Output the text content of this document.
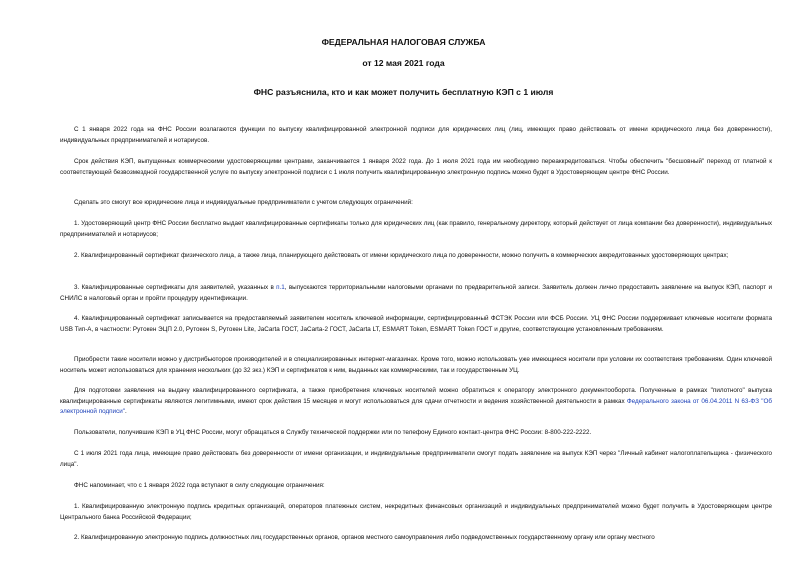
ФЕДЕРАЛЬНАЯ НАЛОГОВАЯ СЛУЖБА
от 12 мая 2021 года
ФНС разъяснила, кто и как может получить бесплатную КЭП с 1 июля

С 1 января 2022 года на ФНС России возлагаются функции по выпуску квалифицированной электронной подписи для юридических лиц (лиц, имеющих право действовать от имени юридического лица без доверенности), индивидуальных предпринимателей и нотариусов.

Срок действия КЭП, выпущенных коммерческими удостоверяющими центрами, заканчивается 1 января 2022 года. До 1 июля 2021 года им необходимо переаккредитоваться. Чтобы обеспечить "бесшовный" переход от платной к соответствующей безвозмездной государственной услуге по выпуску электронной подписи с 1 июля получить квалифицированную электронную подпись можно будет в Удостоверяющем центре ФНС России.

Сделать это смогут все юридические лица и индивидуальные предприниматели с учетом следующих ограничений:

1. Удостоверяющий центр ФНС России бесплатно выдает квалифицированные сертификаты только для юридических лиц (как правило, генеральному директору, который действует от лица компании без доверенности), индивидуальных предпринимателей и нотариусов;

2. Квалифицированный сертификат физического лица, а также лица, планирующего действовать от имени юридического лица по доверенности, можно получить в коммерческих аккредитованных удостоверяющих центрах;

3. Квалифицированные сертификаты для заявителей, указанных в п.1, выпускаются территориальными налоговыми органами по предварительной записи. Заявитель должен лично предоставить заявление на выпуск КЭП, паспорт и СНИЛС в налоговый орган и пройти процедуру идентификации.

4. Квалифицированный сертификат записывается на предоставляемый заявителем носитель ключевой информации, сертифицированный ФСТЭК России или ФСБ России. УЦ ФНС России поддерживает ключевые носители формата USB Тип-А, в частности: Рутокен ЭЦП 2.0, Рутокен S, Рутокен Lite, JaCarta ГОСТ, JaCarta-2 ГОСТ, JaCarta LT, ESMART Token, ESMART Token ГОСТ и другие, соответствующие установленным требованиям.

Приобрести такие носители можно у дистрибьюторов производителей и в специализированных интернет-магазинах. Кроме того, можно использовать уже имеющиеся носители при условии их соответствия требованиям. Один ключевой носитель может использоваться для хранения нескольких (до 32 экз.) КЭП и сертификатов к ним, выданных как коммерческими, так и государственным УЦ.

Для подготовки заявления на выдачу квалифицированного сертификата, а также приобретения ключевых носителей можно обратиться к оператору электронного документооборота. Полученные в рамках "пилотного" выпуска квалифицированные сертификаты являются легитимными, имеют срок действия 15 месяцев и могут использоваться для сдачи отчетности и ведения хозяйственной деятельности в рамках Федерального закона от 06.04.2011 N 63-ФЗ "Об электронной подписи".

Пользователи, получившие КЭП в УЦ ФНС России, могут обращаться в Службу технической поддержки или по телефону Единого контакт-центра ФНС России: 8-800-222-2222.

С 1 июля 2021 года лица, имеющие право действовать без доверенности от имени организации, и индивидуальные предприниматели смогут подать заявление на выпуск КЭП через "Личный кабинет налогоплательщика - физического лица".

ФНС напоминает, что с 1 января 2022 года вступают в силу следующие ограничения:

1. Квалифицированную электронную подпись кредитных организаций, операторов платежных систем, некредитных финансовых организаций и индивидуальных предпринимателей можно будет получить в Удостоверяющем центре Центрального банка Российской Федерации;

2. Квалифицированную электронную подпись должностных лиц государственных органов, органов местного самоуправления либо подведомственных государственному органу или органу местного
